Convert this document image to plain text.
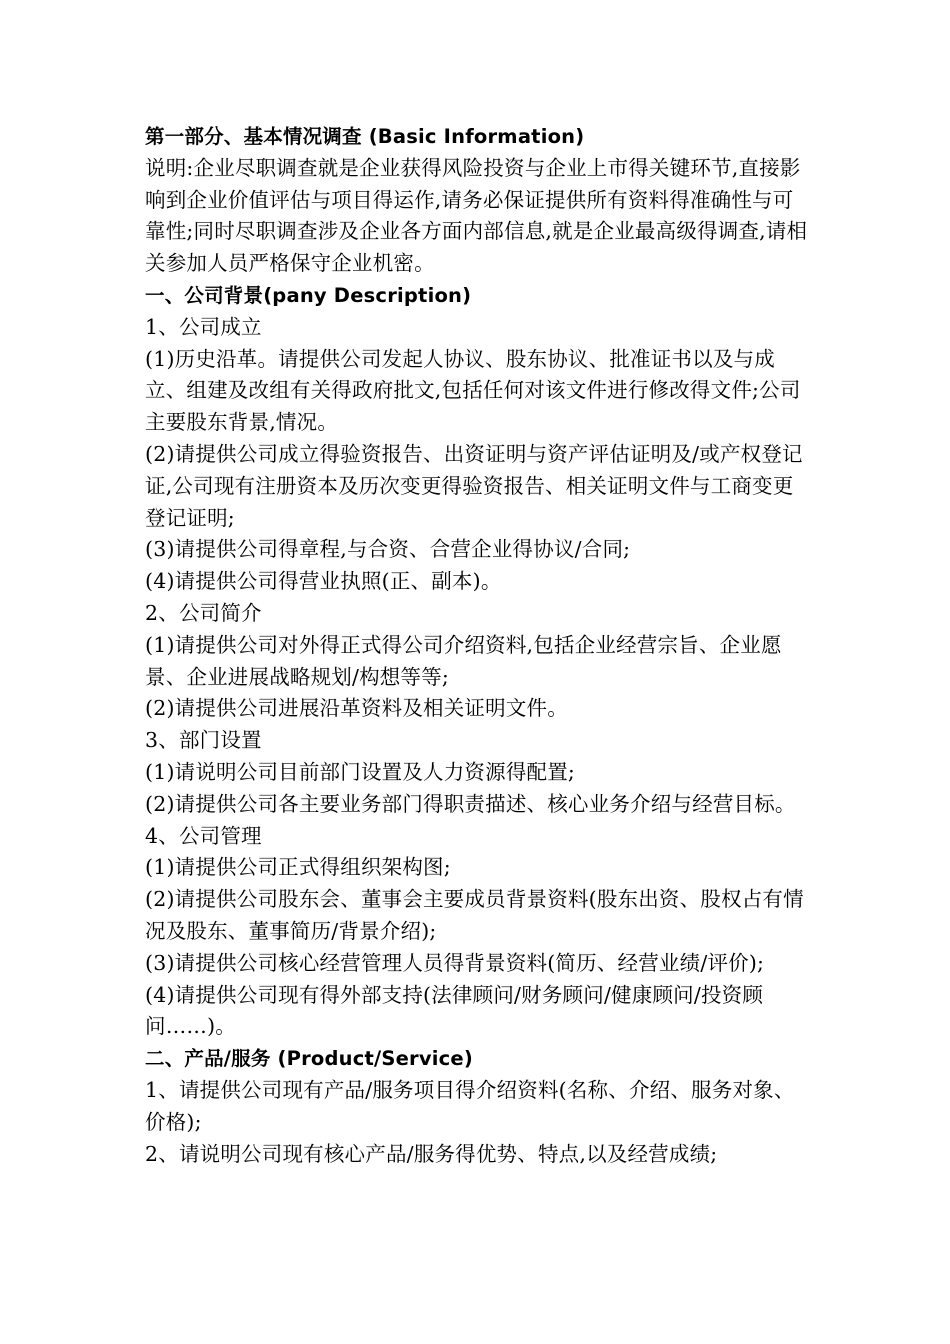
第一部分、基本情况调查 (Basic Information)

说明:企业尽职调查就是企业获得风险投资与企业上市得关键环节,直接影响到企业价值评估与项目得运作,请务必保证提供所有资料得准确性与可靠性;同时尽职调查涉及企业各方面内部信息,就是企业最高级得调查,请相关参加人员严格保守企业机密。

一、公司背景(pany Description)

1、公司成立

(1)历史沿革。请提供公司发起人协议、股东协议、批准证书以及与成立、组建及改组有关得政府批文,包括任何对该文件进行修改得文件;公司主要股东背景,情况。

(2)请提供公司成立得验资报告、出资证明与资产评估证明及/或产权登记证,公司现有注册资本及历次变更得验资报告、相关证明文件与工商变更登记证明;

(3)请提供公司得章程,与合资、合营企业得协议/合同;

(4)请提供公司得营业执照(正、副本)。

2、公司简介

(1)请提供公司对外得正式得公司介绍资料,包括企业经营宗旨、企业愿景、企业进展战略规划/构想等等;

(2)请提供公司进展沿革资料及相关证明文件。

3、部门设置

(1)请说明公司目前部门设置及人力资源得配置;

(2)请提供公司各主要业务部门得职责描述、核心业务介绍与经营目标。

4、公司管理

(1)请提供公司正式得组织架构图;

(2)请提供公司股东会、董事会主要成员背景资料(股东出资、股权占有情况及股东、董事简历/背景介绍);

(3)请提供公司核心经营管理人员得背景资料(简历、经营业绩/评价);

(4)请提供公司现有得外部支持(法律顾问/财务顾问/健康顾问/投资顾问……)。

二、产品/服务 (Product/Service)

1、请提供公司现有产品/服务项目得介绍资料(名称、介绍、服务对象、价格);

2、请说明公司现有核心产品/服务得优势、特点,以及经营成绩;
